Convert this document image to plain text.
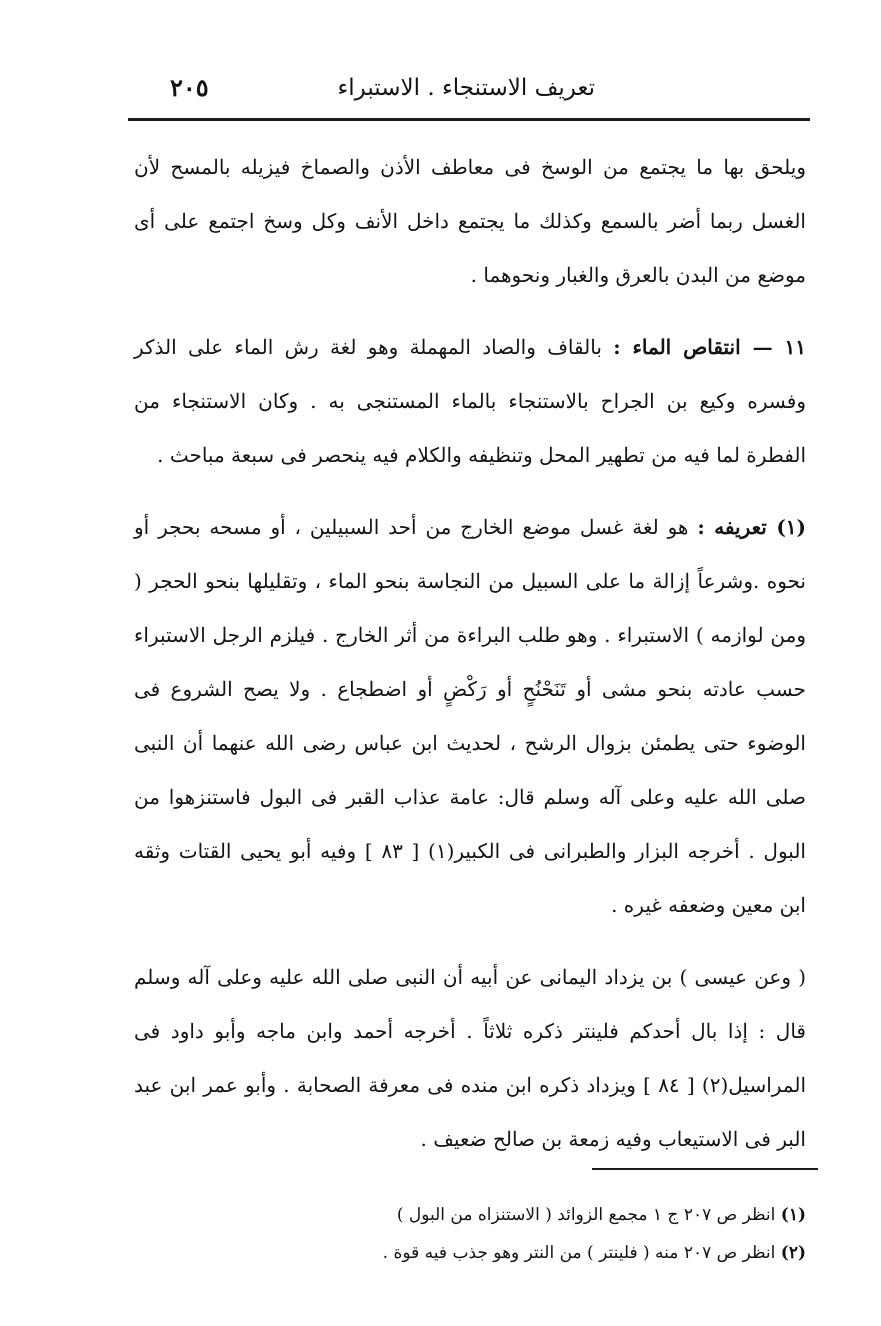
تعريف الاستنجاء . الاستبراء
٢٠٥

ويلحق بها ما يجتمع من الوسخ فى معاطف الأذن والصماخ فيزيله بالمسح لأن الغسل ربما أضر بالسمع وكذلك ما يجتمع داخل الأنف وكل وسخ اجتمع على أى موضع من البدن بالعرق والغبار ونحوهما .

١١ — انتقاص الماء : بالقاف والصاد المهملة وهو لغة رش الماء على الذكر وفسره وكيع بن الجراح بالاستنجاء بالماء المستنجى به . وكان الاستنجاء من الفطرة لما فيه من تطهير المحل وتنظيفه والكلام فيه ينحصر فى سبعة مباحث .

(١) تعريفه : هو لغة غسل موضع الخارج من أحد السبيلين ، أو مسحه بحجر أو نحوه .وشرعاً إزالة ما على السبيل من النجاسة بنحو الماء ، وتقليلها بنحو الحجر ( ومن لوازمه ) الاستبراء . وهو طلب البراءة من أثر الخارج . فيلزم الرجل الاستبراء حسب عادته بنحو مشى أو تَنَحْنُحٍ أو رَكْضٍ أو اضطجاع . ولا يصح الشروع فى الوضوء حتى يطمئن بزوال الرشح ، لحديث ابن عباس رضى الله عنهما أن النبى صلى الله عليه وعلى آله وسلم قال: عامة عذاب القبر فى البول فاستنزهوا من البول . أخرجه البزار والطبرانى فى الكبير(١) [ ٨٣ ] وفيه أبو يحيى القتات وثقه ابن معين وضعفه غيره .

( وعن عيسى ) بن يزداد اليمانى عن أبيه أن النبى صلى الله عليه وعلى آله وسلم قال : إذا بال أحدكم فلينتر ذكره ثلاثاً . أخرجه أحمد وابن ماجه وأبو داود فى المراسيل(٢) [ ٨٤ ] ويزداد ذكره ابن منده فى معرفة الصحابة . وأبو عمر ابن عبد البر فى الاستيعاب وفيه زمعة بن صالح ضعيف .

(١) انظر ص ٢٠٧ ج ١ مجمع الزوائد ( الاستنزاه من البول )

(٢) انظر ص ٢٠٧ منه ( فلينتر ) من النتر وهو جذب فيه قوة .
